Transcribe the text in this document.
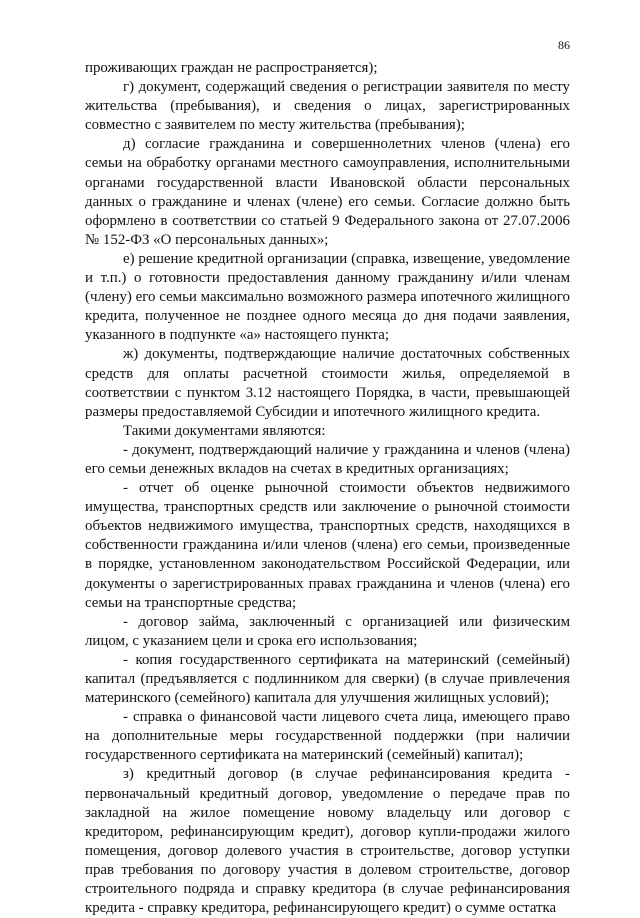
86

проживающих граждан не распространяется);

г) документ, содержащий сведения о регистрации заявителя по месту жительства (пребывания), и сведения о лицах, зарегистрированных совместно с заявителем по месту жительства (пребывания);

д) согласие гражданина и совершеннолетних членов (члена) его семьи на обработку органами местного самоуправления, исполнительными органами государственной власти Ивановской области персональных данных о гражданине и членах (члене) его семьи. Согласие должно быть оформлено в соответствии со статьей 9 Федерального закона от 27.07.2006 № 152-ФЗ «О персональных данных»;

е) решение кредитной организации (справка, извещение, уведомление и т.п.) о готовности предоставления данному гражданину и/или членам (члену) его семьи максимально возможного размера ипотечного жилищного кредита, полученное не позднее одного месяца до дня подачи заявления, указанного в подпункте «а» настоящего пункта;

ж) документы, подтверждающие наличие достаточных собственных средств для оплаты расчетной стоимости жилья, определяемой в соответствии с пунктом 3.12 настоящего Порядка, в части, превышающей размеры предоставляемой Субсидии и ипотечного жилищного кредита.

Такими документами являются:

- документ, подтверждающий наличие у гражданина и членов (члена) его семьи денежных вкладов на счетах в кредитных организациях;

- отчет об оценке рыночной стоимости объектов недвижимого имущества, транспортных средств или заключение о рыночной стоимости объектов недвижимого имущества, транспортных средств, находящихся в собственности гражданина и/или членов (члена) его семьи, произведенные в порядке, установленном законодательством Российской Федерации, или документы о зарегистрированных правах гражданина и членов (члена) его семьи на транспортные средства;

- договор займа, заключенный с организацией или физическим лицом, с указанием цели и срока его использования;

- копия государственного сертификата на материнский (семейный) капитал (предъявляется с подлинником для сверки) (в случае привлечения материнского (семейного) капитала для улучшения жилищных условий);

- справка о финансовой части лицевого счета лица, имеющего право на дополнительные меры государственной поддержки (при наличии государственного сертификата на материнский (семейный) капитал);

з) кредитный договор (в случае рефинансирования кредита - первоначальный кредитный договор, уведомление о передаче прав по закладной на жилое помещение новому владельцу или договор с кредитором, рефинансирующим кредит), договор купли-продажи жилого помещения, договор долевого участия в строительстве, договор уступки прав требования по договору участия в долевом строительстве, договор строительного подряда и справку кредитора (в случае рефинансирования кредита - справку кредитора, рефинансирующего кредит) о сумме остатка
